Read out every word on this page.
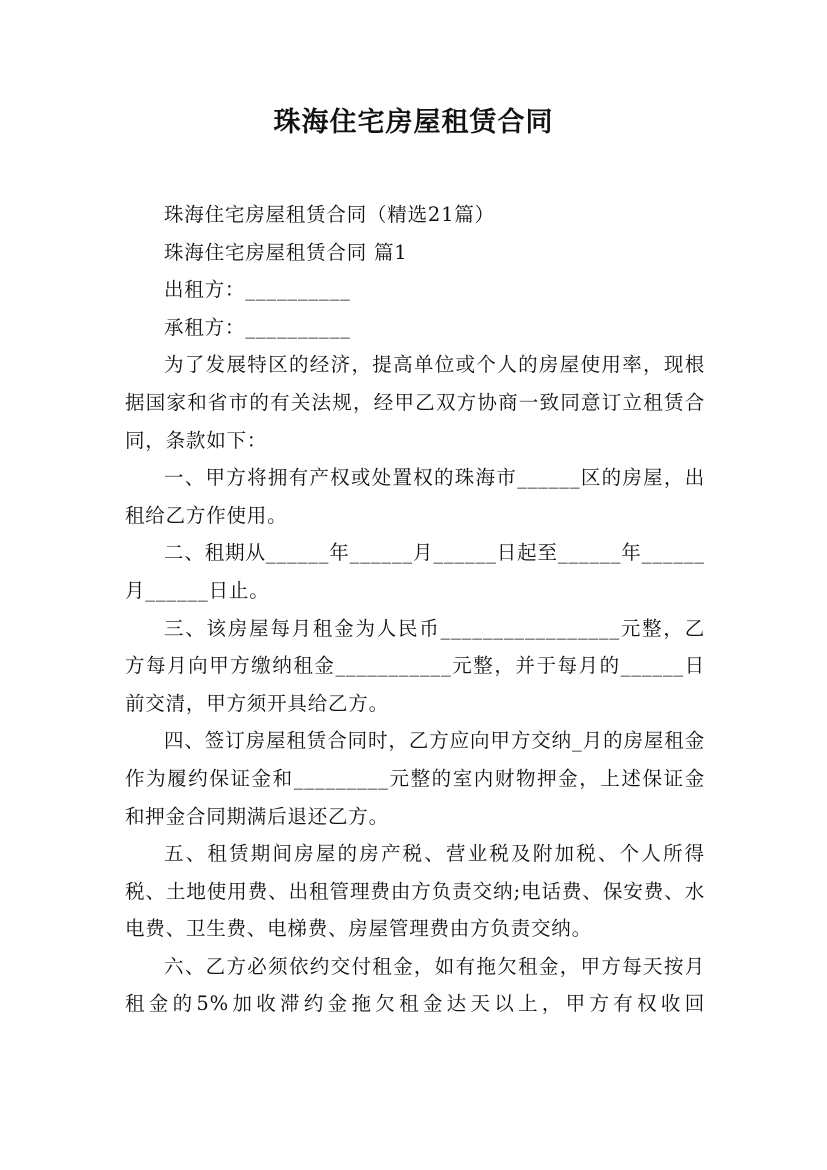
珠海住宅房屋租赁合同

珠海住宅房屋租赁合同（精选21篇）

珠海住宅房屋租赁合同 篇1

出租方：__________

承租方：__________

为了发展特区的经济，提高单位或个人的房屋使用率，现根据国家和省市的有关法规，经甲乙双方协商一致同意订立租赁合同，条款如下：

一、甲方将拥有产权或处置权的珠海市______区的房屋，出租给乙方作使用。

二、租期从______年______月______日起至______年______月______日止。

三、该房屋每月租金为人民币_________________元整，乙方每月向甲方缴纳租金___________元整，并于每月的______日前交清，甲方须开具给乙方。

四、签订房屋租赁合同时，乙方应向甲方交纳_月的房屋租金作为履约保证金和_________元整的室内财物押金，上述保证金和押金合同期满后退还乙方。

五、租赁期间房屋的房产税、营业税及附加税、个人所得税、土地使用费、出租管理费由方负责交纳;电话费、保安费、水电费、卫生费、电梯费、房屋管理费由方负责交纳。

六、乙方必须依约交付租金，如有拖欠租金，甲方每天按月租金的5%加收滞约金拖欠租金达天以上，甲方有权收回
